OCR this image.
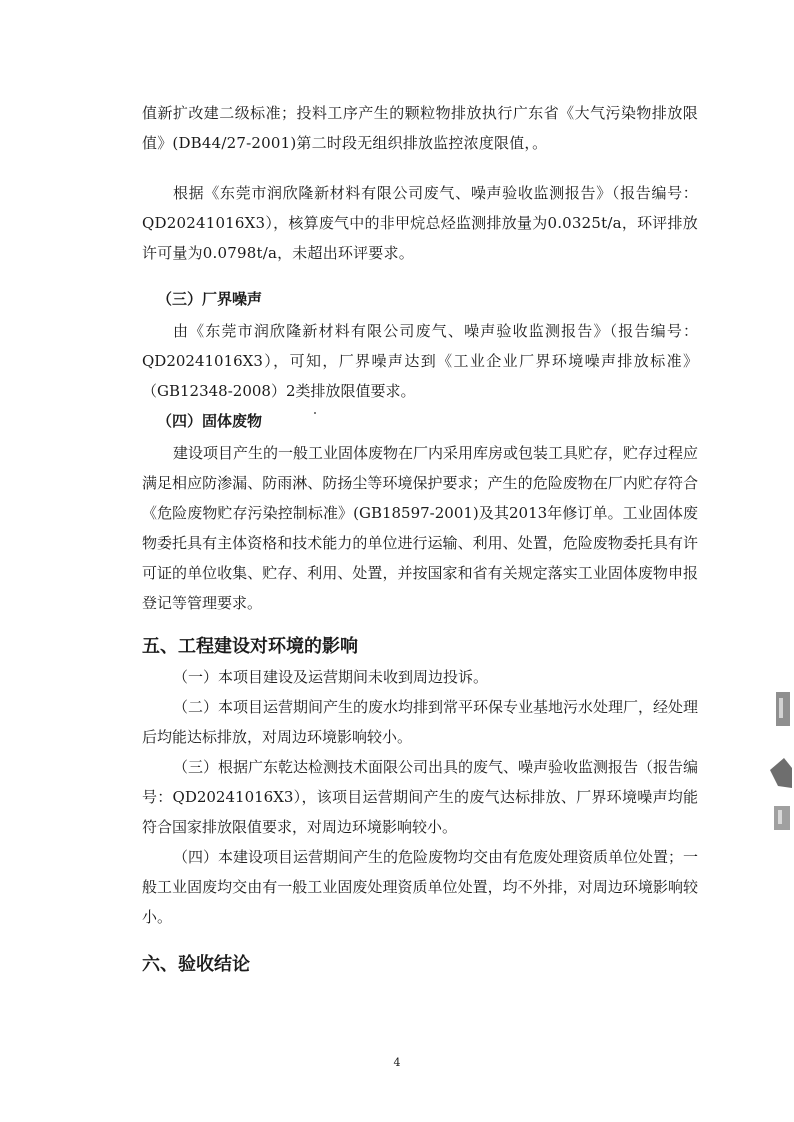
值新扩改建二级标准；投料工序产生的颗粒物排放执行广东省《大气污染物排放限值》(DB44/27-2001)第二时段无组织排放监控浓度限值，。

根据《东莞市润欣隆新材料有限公司废气、噪声验收监测报告》（报告编号：QD20241016X3），核算废气中的非甲烷总烃监测排放量为0.0325t/a，环评排放许可量为0.0798t/a，未超出环评要求。

（三）厂界噪声

由《东莞市润欣隆新材料有限公司废气、噪声验收监测报告》（报告编号：QD20241016X3），可知，厂界噪声达到《工业企业厂界环境噪声排放标准》（GB12348-2008）2类排放限值要求。

（四）固体废物

建设项目产生的一般工业固体废物在厂内采用库房或包装工具贮存，贮存过程应满足相应防渗漏、防雨淋、防扬尘等环境保护要求；产生的危险废物在厂内贮存符合《危险废物贮存污染控制标准》(GB18597-2001)及其2013年修订单。工业固体废物委托具有主体资格和技术能力的单位进行运输、利用、处置，危险废物委托具有许可证的单位收集、贮存、利用、处置，并按国家和省有关规定落实工业固体废物申报登记等管理要求。

五、工程建设对环境的影响

（一）本项目建设及运营期间未收到周边投诉。

（二）本项目运营期间产生的废水均排到常平环保专业基地污水处理厂，经处理后均能达标排放，对周边环境影响较小。

（三）根据广东乾达检测技术面限公司出具的废气、噪声验收监测报告（报告编号：QD20241016X3），该项目运营期间产生的废气达标排放、厂界环境噪声均能符合国家排放限值要求，对周边环境影响较小。

（四）本建设项目运营期间产生的危险废物均交由有危废处理资质单位处置；一般工业固废均交由有一般工业固废处理资质单位处置，均不外排，对周边环境影响较小。

六、验收结论
4
